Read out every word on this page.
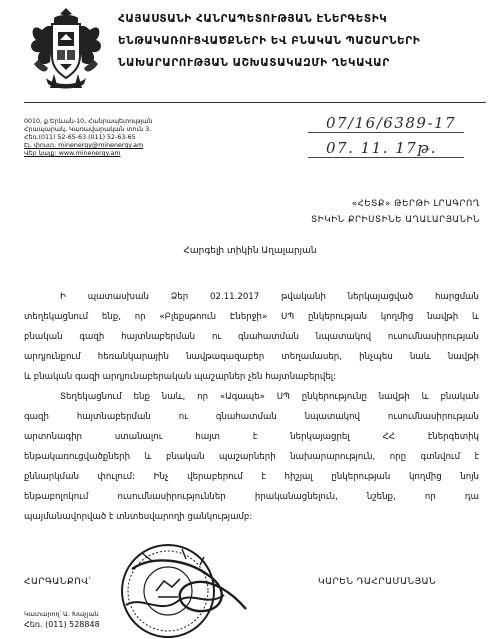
ՀԱՅԱՍՏԱՆԻ ՀԱՆՐԱՊԵՏՈՒԹՅԱՆ ԷՆԵՐԳԵՏԻԿ
ԵՆԹԱԿԱՌՈՒՑՎԱԾՔՆԵՐԻ ԵՎ ԲՆԱԿԱՆ ՊԱՇԱՐՆԵՐԻ
ՆԱԽԱՐԱՐՈՒԹՅԱՆ ԱՇԽԱՏԱԿԱԶՄԻ ՂԵԿԱՎԱՐ
0010, ք.Երևան-10, Հանրապետության
Հրապարակ, Կառավարական տուն 3.
Հեռ.(011) 52-65-63 (011) 52-63-65
Էլ. փոստ: minenergy@minenergy.am
Վեբ կայք: www.minenergy.am
07/16/6389-17
07. 11. 17թ.
«ՀԵՏՔ» ԹԵՐԹԻ ԼՐԱԳՐՈՂ
ՏԻԿԻՆ ՔՐԻՍՏԻՆԵ ԱՂԱԼԱՐՅԱՆԻՆ
Հարգելի տիկին Աղալարյան
Ի պատասխան Ձեր 02.11.2017 թվականի ներկայացված հարցման
տեղեկացնում ենք, որ «Բլեքսթոուն Էներջի» ՍՊ ընկերության կողմից նավթի և
բնական գազի հայտնաբերման ու գնահատման նպատակով ուսումնասիրության
արդյունքում հեռանկարային նավթագազաբեր տեղամասեր, ինչպես նաև նավթի
և բնական գազի արդյունաբերական պաշարներ չեն հայտնաբերվել:
Տեղեկացնում ենք նաև, որ «Ագապե» ՍՊ ընկերությունը նավթի և բնական
գազի հայտնաբերման ու գնահատման նպատակով ուսումնասիրության
արտոնագիր ստանալու հայտ է ներկայացրել ՀՀ էներգետիկ
ենթակառուցվածքների և բնական պաշարների նախարարություն, որը գտնվում է
քննարկման փուլում: Ինչ վերաբերում է հիշյալ ընկերության կողմից նոյն
ենթաբոլոկում ուսումնասիրություններ իրականացնելուն, նշենք, որ դա
պայմանավորված է տնտեսվարողի ցանկությամբ:
ՀԱՐԳԱՆՔՈՎ՝	ԿԱՐԵՆ ԴԱՀՐԱՄԱՆՅԱՆ
Կատարող՝ Ա. Խաչյան
Հեռ. (011) 528848
